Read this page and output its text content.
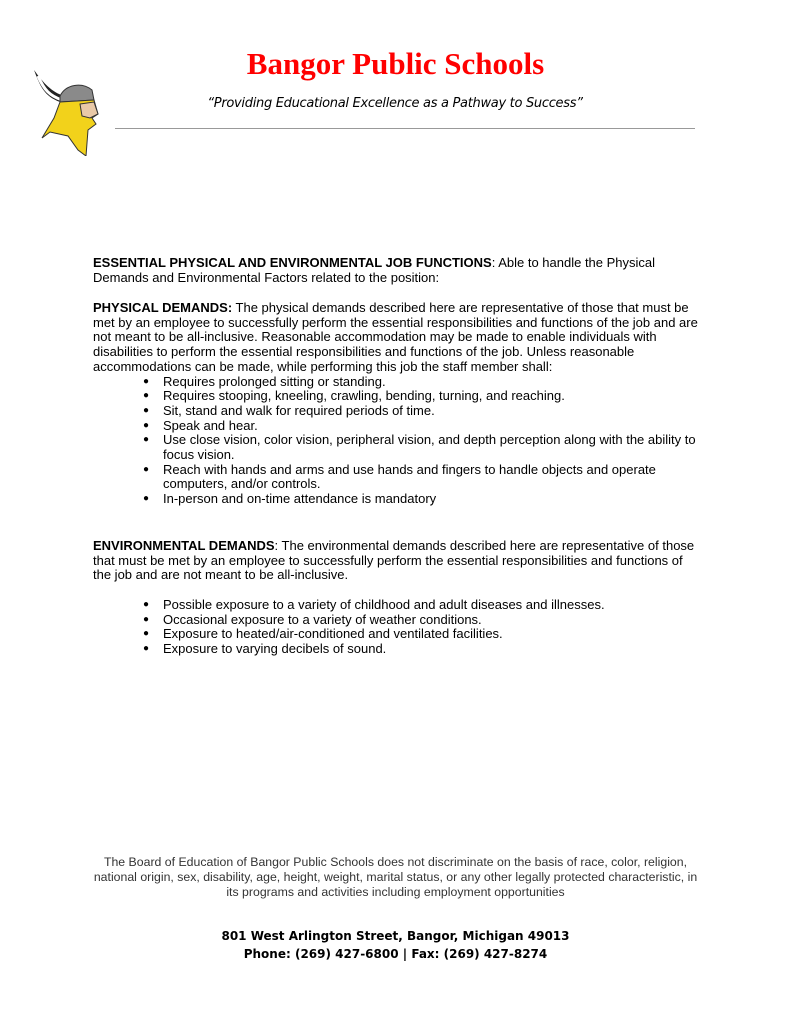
Bangor Public Schools
“Providing Educational Excellence as a Pathway to Success”

ESSENTIAL PHYSICAL AND ENVIRONMENTAL JOB FUNCTIONS: Able to handle the Physical Demands and Environmental Factors related to the position:

PHYSICAL DEMANDS: The physical demands described here are representative of those that must be met by an employee to successfully perform the essential responsibilities and functions of the job and are not meant to be all-inclusive. Reasonable accommodation may be made to enable individuals with disabilities to perform the essential responsibilities and functions of the job. Unless reasonable accommodations can be made, while performing this job the staff member shall:

● Requires prolonged sitting or standing.
● Requires stooping, kneeling, crawling, bending, turning, and reaching.
● Sit, stand and walk for required periods of time.
● Speak and hear.
● Use close vision, color vision, peripheral vision, and depth perception along with the ability to focus vision.
● Reach with hands and arms and use hands and fingers to handle objects and operate computers, and/or controls.
● In-person and on-time attendance is mandatory

ENVIRONMENTAL DEMANDS: The environmental demands described here are representative of those that must be met by an employee to successfully perform the essential responsibilities and functions of the job and are not meant to be all-inclusive.

● Possible exposure to a variety of childhood and adult diseases and illnesses.
● Occasional exposure to a variety of weather conditions.
● Exposure to heated/air-conditioned and ventilated facilities.
● Exposure to varying decibels of sound.
The Board of Education of Bangor Public Schools does not discriminate on the basis of race, color, religion, national origin, sex, disability, age, height, weight, marital status, or any other legally protected characteristic, in its programs and activities including employment opportunities
801 West Arlington Street, Bangor, Michigan 49013
Phone: (269) 427-6800 | Fax: (269) 427-8274
